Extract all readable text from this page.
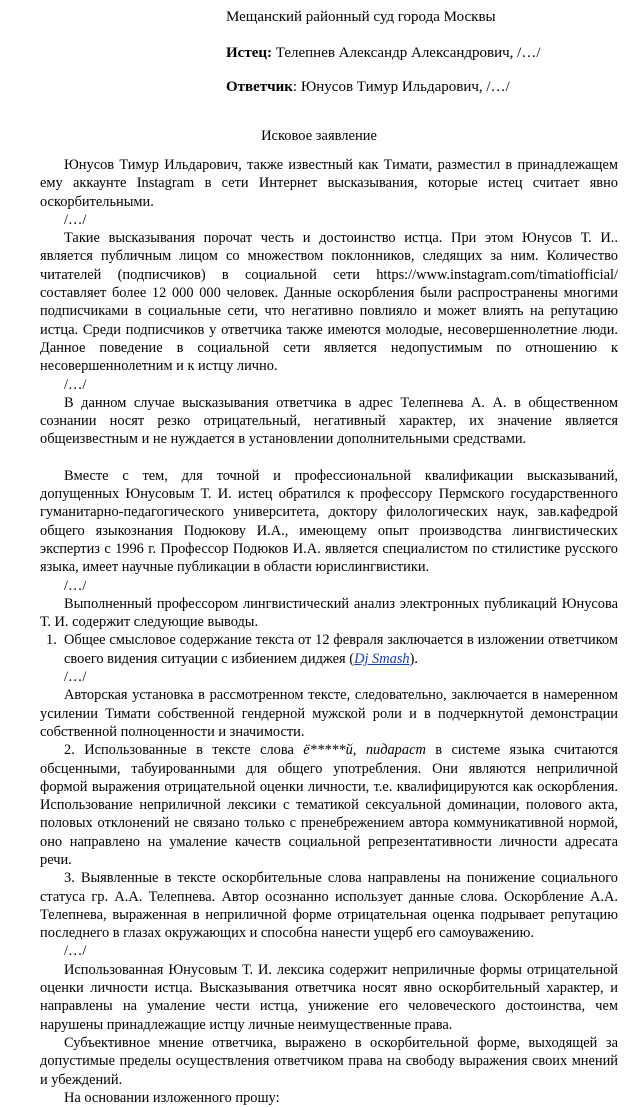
Мещанский районный суд города Москвы
Истец: Телепнев Александр Александрович, /…/
Ответчик: Юнусов Тимур Ильдарович, /…/
Исковое заявление

Юнусов Тимур Ильдарович, также известный как Тимати, разместил в принадлежащем ему аккаунте Instagram в сети Интернет высказывания, которые истец считает явно оскорбительными.

/…/

Такие высказывания порочат честь и достоинство истца. При этом Юнусов Т. И.. является публичным лицом со множеством поклонников, следящих за ним. Количество читателей (подписчиков) в социальной сети https://www.instagram.com/timatiofficial/ составляет более 12 000 000 человек. Данные оскорбления были распространены многими подписчиками в социальные сети, что негативно повлияло и может влиять на репутацию истца. Среди подписчиков у ответчика также имеются молодые, несовершеннолетние люди. Данное поведение в социальной сети является недопустимым по отношению к несовершеннолетним и к истцу лично.

/…/

В данном случае высказывания ответчика в адрес Телепнева А. А. в общественном сознании носят резко отрицательный, негативный характер, их значение является общеизвестным и не нуждается в установлении дополнительными средствами.

Вместе с тем, для точной и профессиональной квалификации высказываний, допущенных Юнусовым Т. И. истец обратился к профессору Пермского государственного гуманитарно-педагогического университета, доктору филологических наук, зав.кафедрой общего языкознания Подюкову И.А., имеющему опыт производства лингвистических экспертиз с 1996 г. Профессор Подюков И.А. является специалистом по стилистике русского языка, имеет научные публикации в области юрислингвистики.

/…/

Выполненный профессором лингвистический анализ электронных публикаций Юнусова Т. И. содержит следующие выводы.

1. Общее смысловое содержание текста от 12 февраля заключается в изложении ответчиком своего видения ситуации с избиением диджея (Dj Smash).

/…/

Авторская установка в рассмотренном тексте, следовательно, заключается в намеренном усилении Тимати собственной гендерной мужской роли и в подчеркнутой демонстрации собственной полноценности и значимости.

2. Использованные в тексте слова ё*****й, пидараст в системе языка считаются обсценными, табуированными для общего употребления. Они являются неприличной формой выражения отрицательной оценки личности, т.е. квалифицируются как оскорбления. Использование неприличной лексики с тематикой сексуальной доминации, полового акта, половых отклонений не связано только с пренебрежением автора коммуникативной нормой, оно направлено на умаление качеств социальной репрезентативности личности адресата речи.

3. Выявленные в тексте оскорбительные слова направлены на понижение социального статуса гр. А.А. Телепнева. Автор осознанно использует данные слова. Оскорбление А.А. Телепнева, выраженная в неприличной форме отрицательная оценка подрывает репутацию последнего в глазах окружающих и способна нанести ущерб его самоуважению.

/…/

Использованная Юнусовым Т. И. лексика содержит неприличные формы отрицательной оценки личности истца. Высказывания ответчика носят явно оскорбительный характер, и направлены на умаление чести истца, унижение его человеческого достоинства, чем нарушены принадлежащие истцу личные неимущественные права.

Субъективное мнение ответчика, выражено в оскорбительной форме, выходящей за допустимые пределы осуществления ответчиком права на свободу выражения своих мнений и убеждений.

На основании изложенного прошу:
